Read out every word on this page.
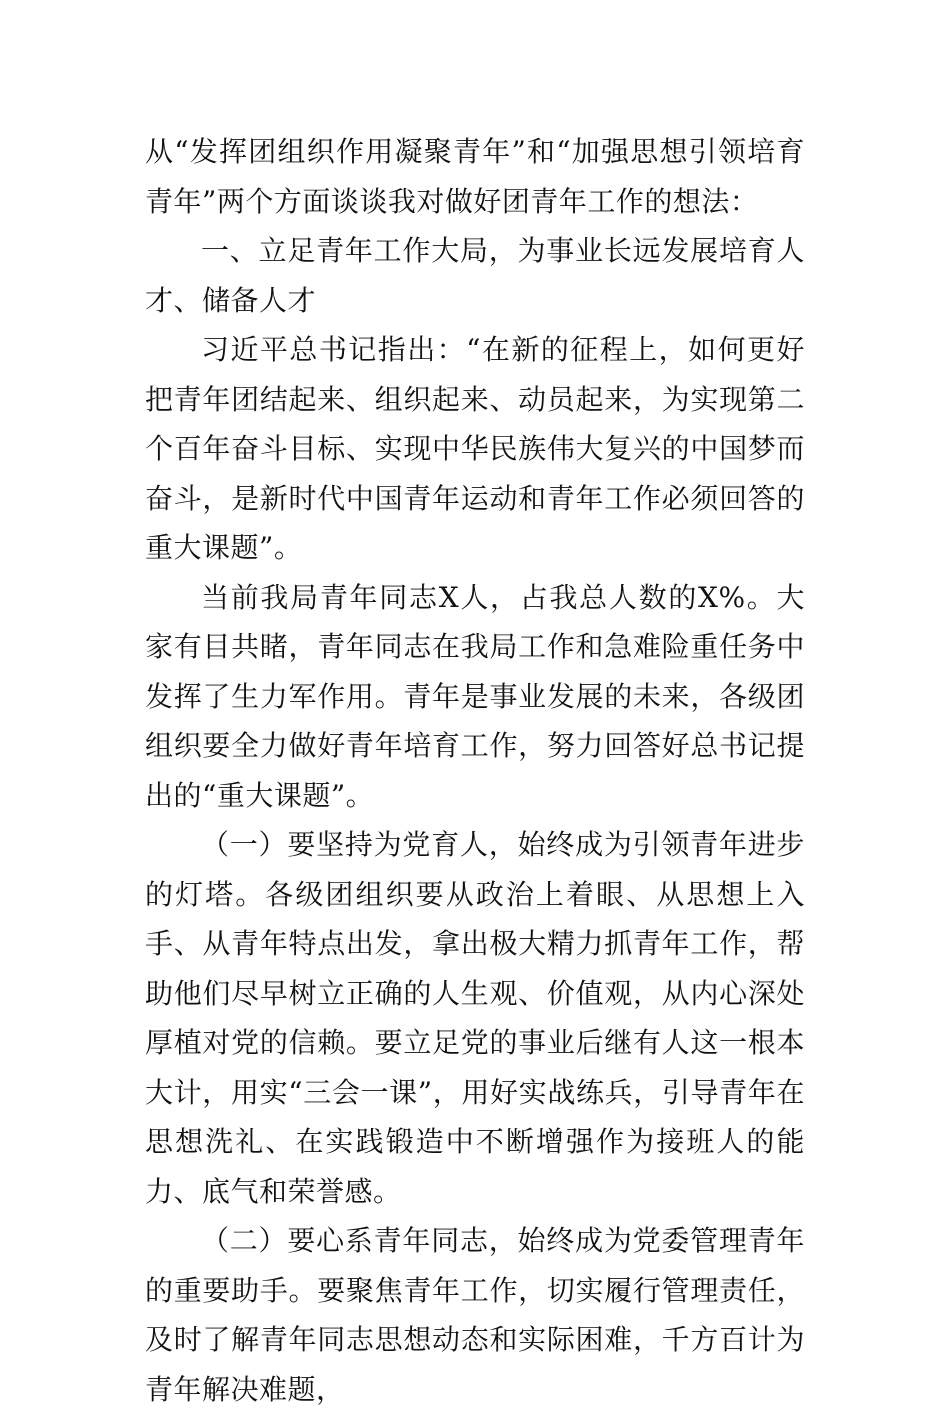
从“发挥团组织作用凝聚青年”和“加强思想引领培育青年”两个方面谈谈我对做好团青年工作的想法：

一、立足青年工作大局，为事业长远发展培育人才、储备人才

习近平总书记指出：“在新的征程上，如何更好把青年团结起来、组织起来、动员起来，为实现第二个百年奋斗目标、实现中华民族伟大复兴的中国梦而奋斗，是新时代中国青年运动和青年工作必须回答的重大课题”。

当前我局青年同志X人，占我总人数的X%。大家有目共睹，青年同志在我局工作和急难险重任务中发挥了生力军作用。青年是事业发展的未来，各级团组织要全力做好青年培育工作，努力回答好总书记提出的“重大课题”。

（一）要坚持为党育人，始终成为引领青年进步的灯塔。各级团组织要从政治上着眼、从思想上入手、从青年特点出发，拿出极大精力抓青年工作，帮助他们尽早树立正确的人生观、价值观，从内心深处厚植对党的信赖。要立足党的事业后继有人这一根本大计，用实“三会一课”，用好实战练兵，引导青年在思想洗礼、在实践锻造中不断增强作为接班人的能力、底气和荣誉感。

（二）要心系青年同志，始终成为党委管理青年的重要助手。要聚焦青年工作，切实履行管理责任，及时了解青年同志思想动态和实际困难，千方百计为青年解决难题，
